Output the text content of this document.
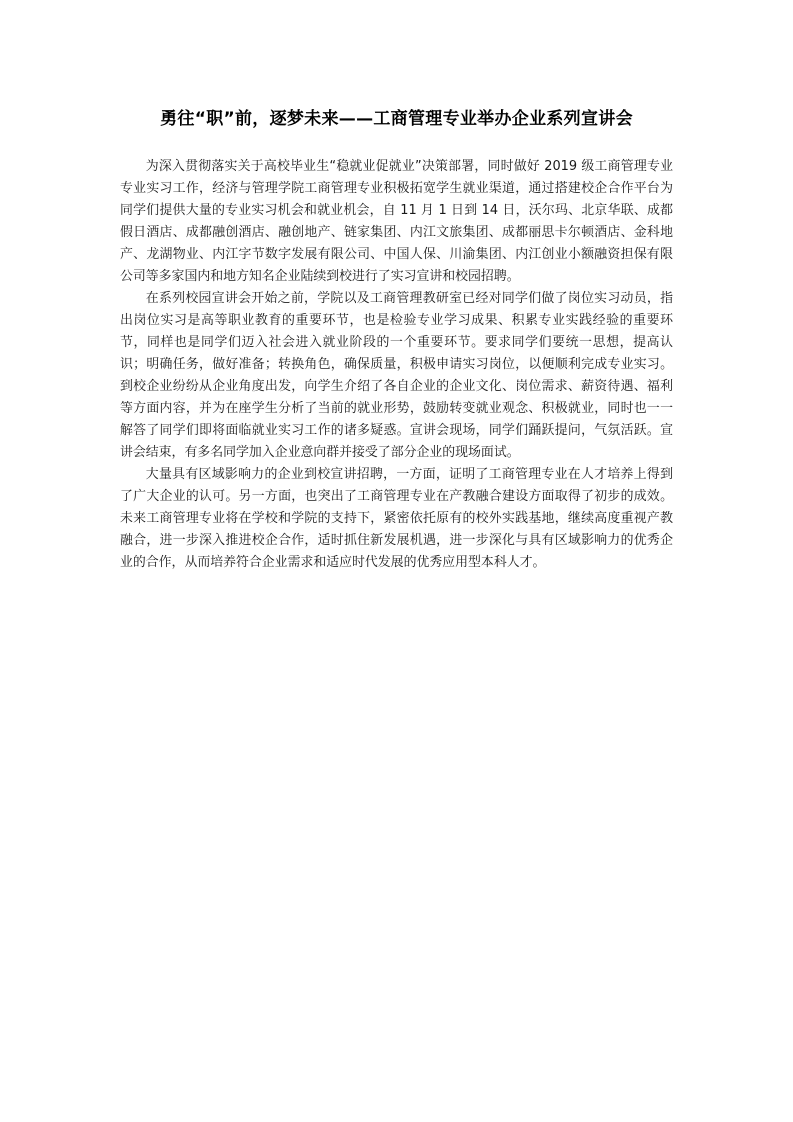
勇往“职”前，逐梦未来——工商管理专业举办企业系列宣讲会

为深入贯彻落实关于高校毕业生“稳就业促就业”决策部署，同时做好 2019 级工商管理专业专业实习工作，经济与管理学院工商管理专业积极拓宽学生就业渠道，通过搭建校企合作平台为同学们提供大量的专业实习机会和就业机会，自 11 月 1 日到 14 日，沃尔玛、北京华联、成都假日酒店、成都融创酒店、融创地产、链家集团、内江文旅集团、成都丽思卡尔顿酒店、金科地产、龙湖物业、内江字节数字发展有限公司、中国人保、川渝集团、内江创业小额融资担保有限公司等多家国内和地方知名企业陆续到校进行了实习宣讲和校园招聘。

在系列校园宣讲会开始之前，学院以及工商管理教研室已经对同学们做了岗位实习动员，指出岗位实习是高等职业教育的重要环节，也是检验专业学习成果、积累专业实践经验的重要环节，同样也是同学们迈入社会进入就业阶段的一个重要环节。要求同学们要统一思想，提高认识；明确任务，做好准备；转换角色，确保质量，积极申请实习岗位，以便顺利完成专业实习。到校企业纷纷从企业角度出发，向学生介绍了各自企业的企业文化、岗位需求、薪资待遇、福利等方面内容，并为在座学生分析了当前的就业形势，鼓励转变就业观念、积极就业，同时也一一解答了同学们即将面临就业实习工作的诸多疑惑。宣讲会现场，同学们踊跃提问，气氛活跃。宣讲会结束，有多名同学加入企业意向群并接受了部分企业的现场面试。

大量具有区域影响力的企业到校宣讲招聘，一方面，证明了工商管理专业在人才培养上得到了广大企业的认可。另一方面，也突出了工商管理专业在产教融合建设方面取得了初步的成效。未来工商管理专业将在学校和学院的支持下，紧密依托原有的校外实践基地，继续高度重视产教融合，进一步深入推进校企合作，适时抓住新发展机遇，进一步深化与具有区域影响力的优秀企业的合作，从而培养符合企业需求和适应时代发展的优秀应用型本科人才。
